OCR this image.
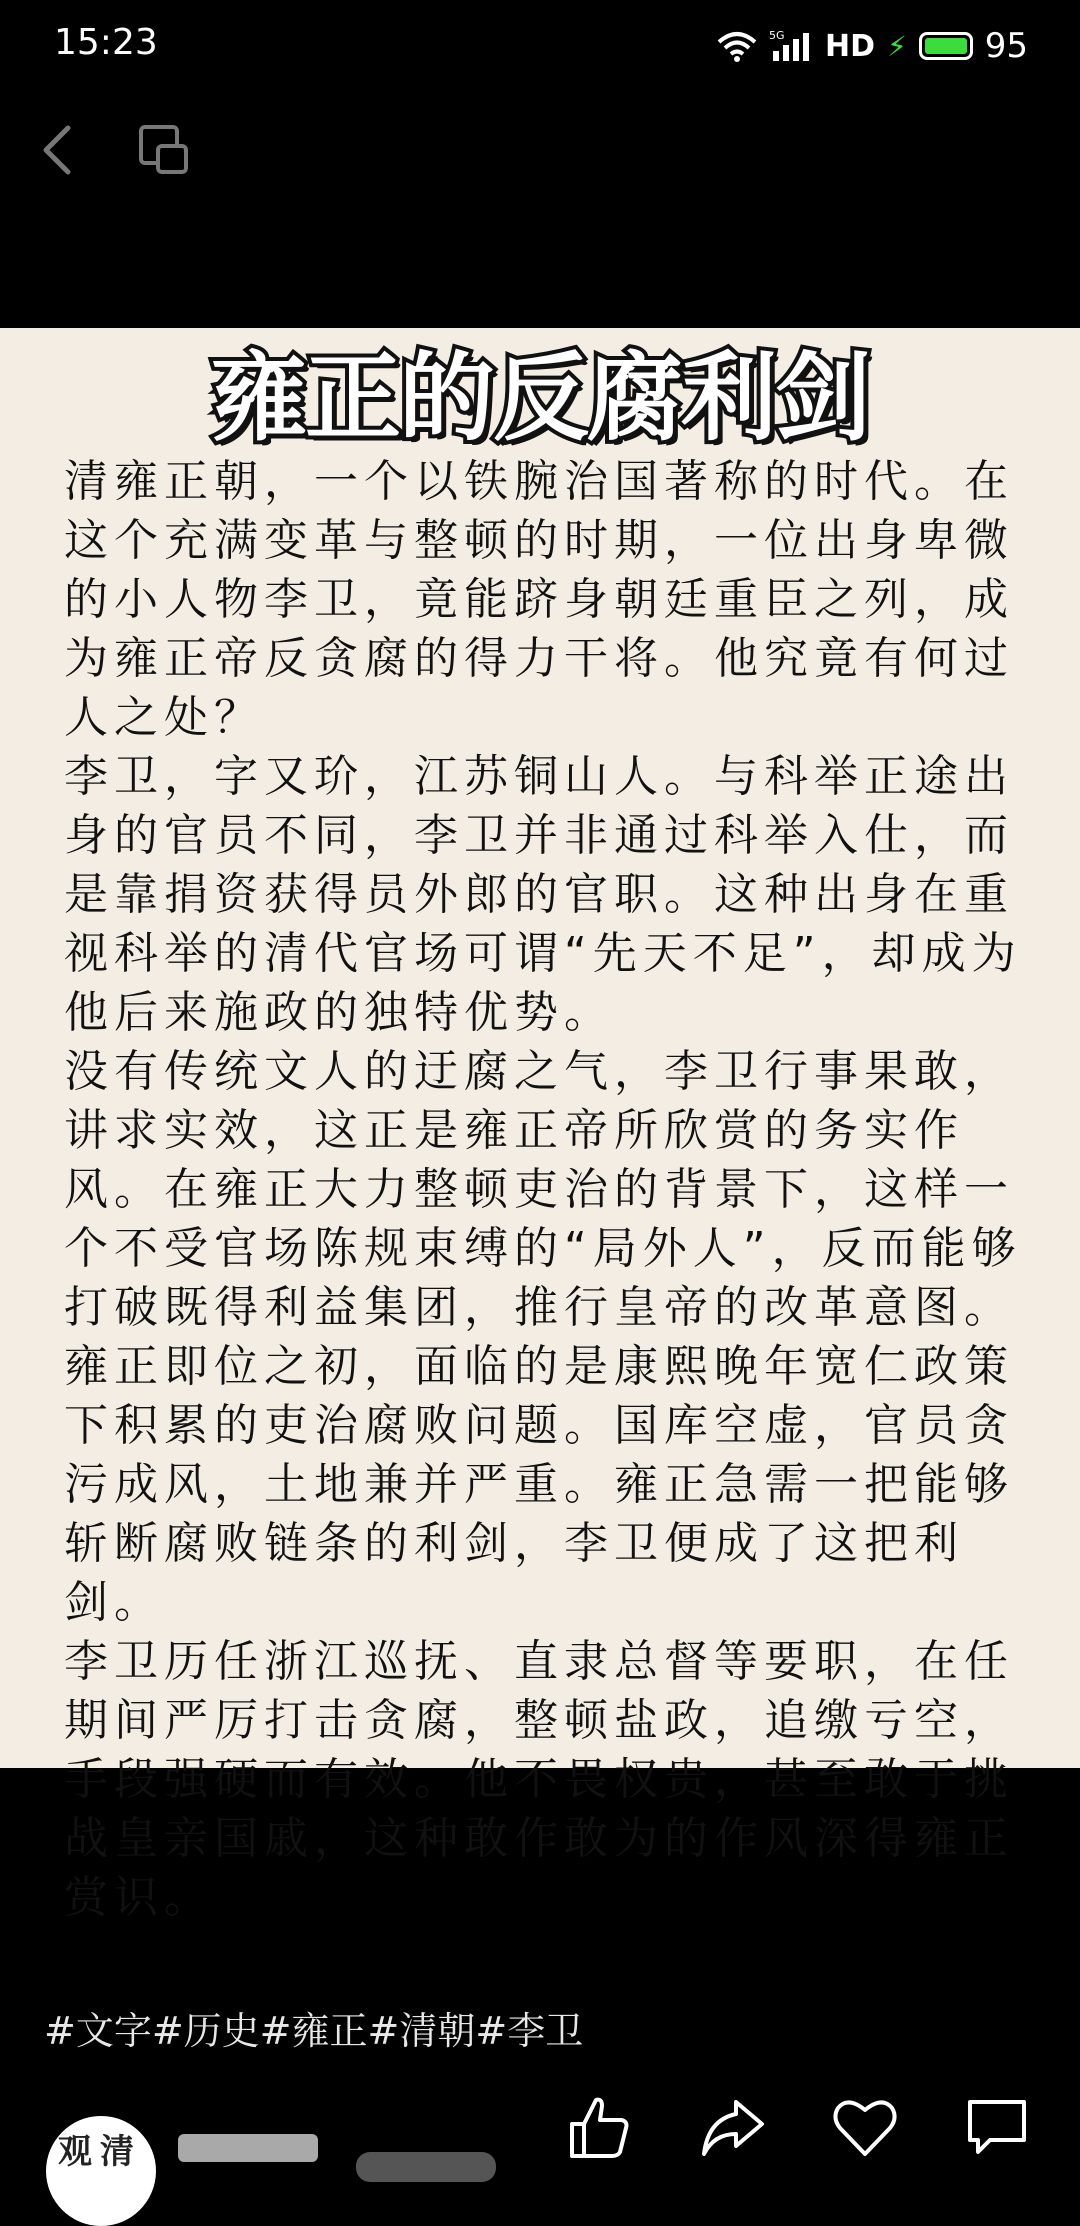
15:23	5G HD ⚡ 95
雍正的反腐利剑

清雍正朝，一个以铁腕治国著称的时代。在这个充满变革与整顿的时期，一位出身卑微的小人物李卫，竟能跻身朝廷重臣之列，成为雍正帝反贪腐的得力干将。他究竟有何过人之处？

李卫，字又玠，江苏铜山人。与科举正途出身的官员不同，李卫并非通过科举入仕，而是靠捐资获得员外郎的官职。这种出身在重视科举的清代官场可谓“先天不足”，却成为他后来施政的独特优势。

没有传统文人的迂腐之气，李卫行事果敢，讲求实效，这正是雍正帝所欣赏的务实作风。在雍正大力整顿吏治的背景下，这样一个不受官场陈规束缚的“局外人”，反而能够打破既得利益集团，推行皇帝的改革意图。

雍正即位之初，面临的是康熙晚年宽仁政策下积累的吏治腐败问题。国库空虚，官员贪污成风，土地兼并严重。雍正急需一把能够斩断腐败链条的利剑，李卫便成了这把利剑。

李卫历任浙江巡抚、直隶总督等要职，在任期间严厉打击贪腐，整顿盐政，追缴亏空，手段强硬而有效。他不畏权贵，甚至敢于挑战皇亲国戚，这种敢作敢为的作风深得雍正赏识。

#文字#历史#雍正#清朝#李卫
观清
